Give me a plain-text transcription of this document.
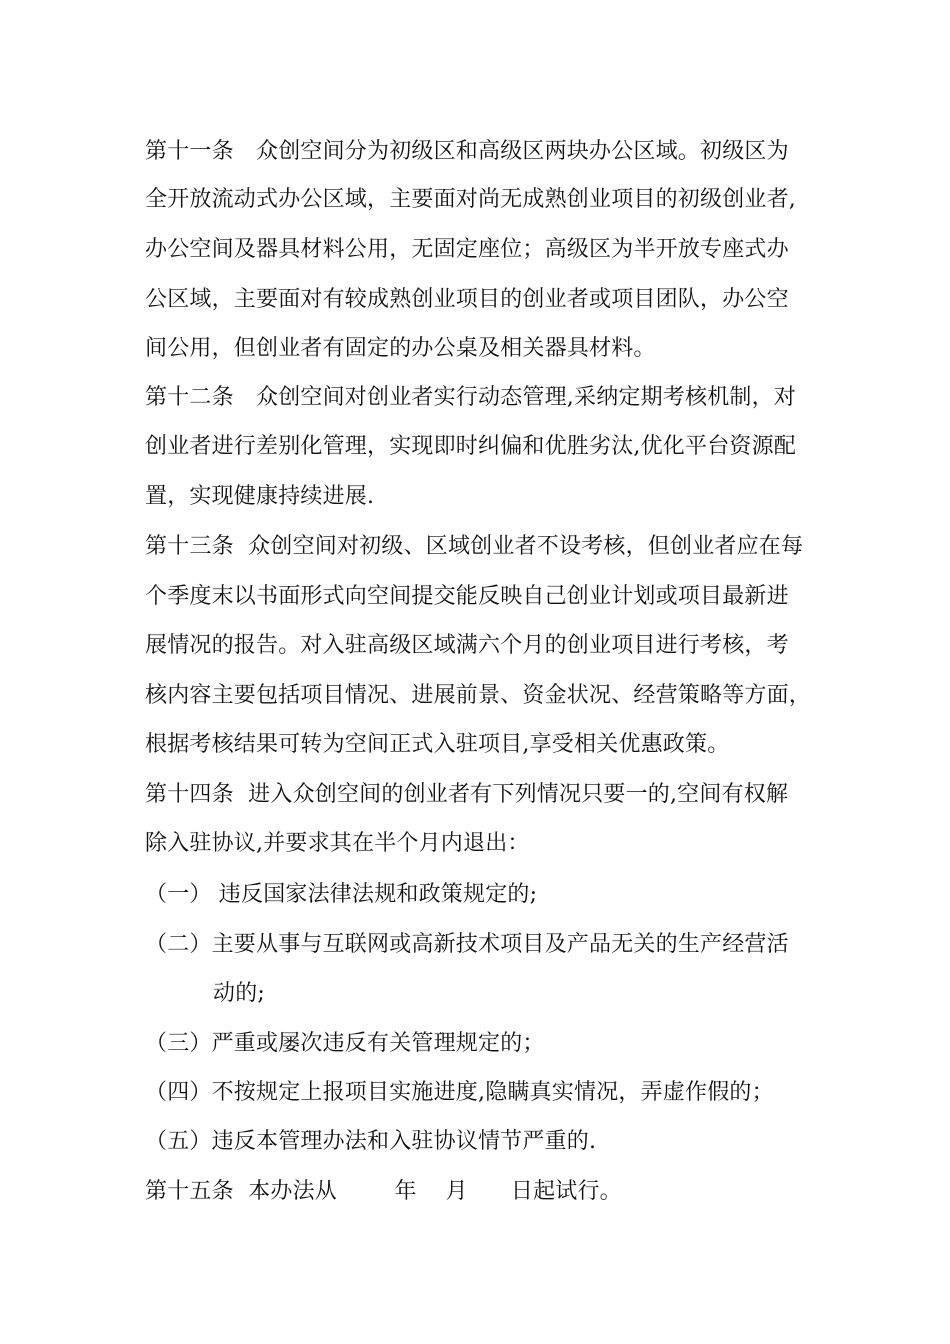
第十一条　众创空间分为初级区和高级区两块办公区域。初级区为
全开放流动式办公区域，主要面对尚无成熟创业项目的初级创业者,
办公空间及器具材料公用，无固定座位；高级区为半开放专座式办
公区域，主要面对有较成熟创业项目的创业者或项目团队，办公空
间公用，但创业者有固定的办公桌及相关器具材料。
第十二条　众创空间对创业者实行动态管理,采纳定期考核机制，对
创业者进行差别化管理，实现即时纠偏和优胜劣汰,优化平台资源配
置，实现健康持续进展.
第十三条  众创空间对初级、区域创业者不设考核，但创业者应在每
个季度末以书面形式向空间提交能反映自己创业计划或项目最新进
展情况的报告。对入驻高级区域满六个月的创业项目进行考核，考
核内容主要包括项目情况、进展前景、资金状况、经营策略等方面，
根据考核结果可转为空间正式入驻项目,享受相关优惠政策。
第十四条  进入众创空间的创业者有下列情况只要一的,空间有权解
除入驻协议,并要求其在半个月内退出：
（一） 违反国家法律法规和政策规定的;
（二）主要从事与互联网或高新技术项目及产品无关的生产经营活
动的;
（三）严重或屡次违反有关管理规定的；
（四）不按规定上报项目实施进度,隐瞒真实情况，弄虚作假的；
（五）违反本管理办法和入驻协议情节严重的.
第十五条  本办法从        年    月      日起试行。
